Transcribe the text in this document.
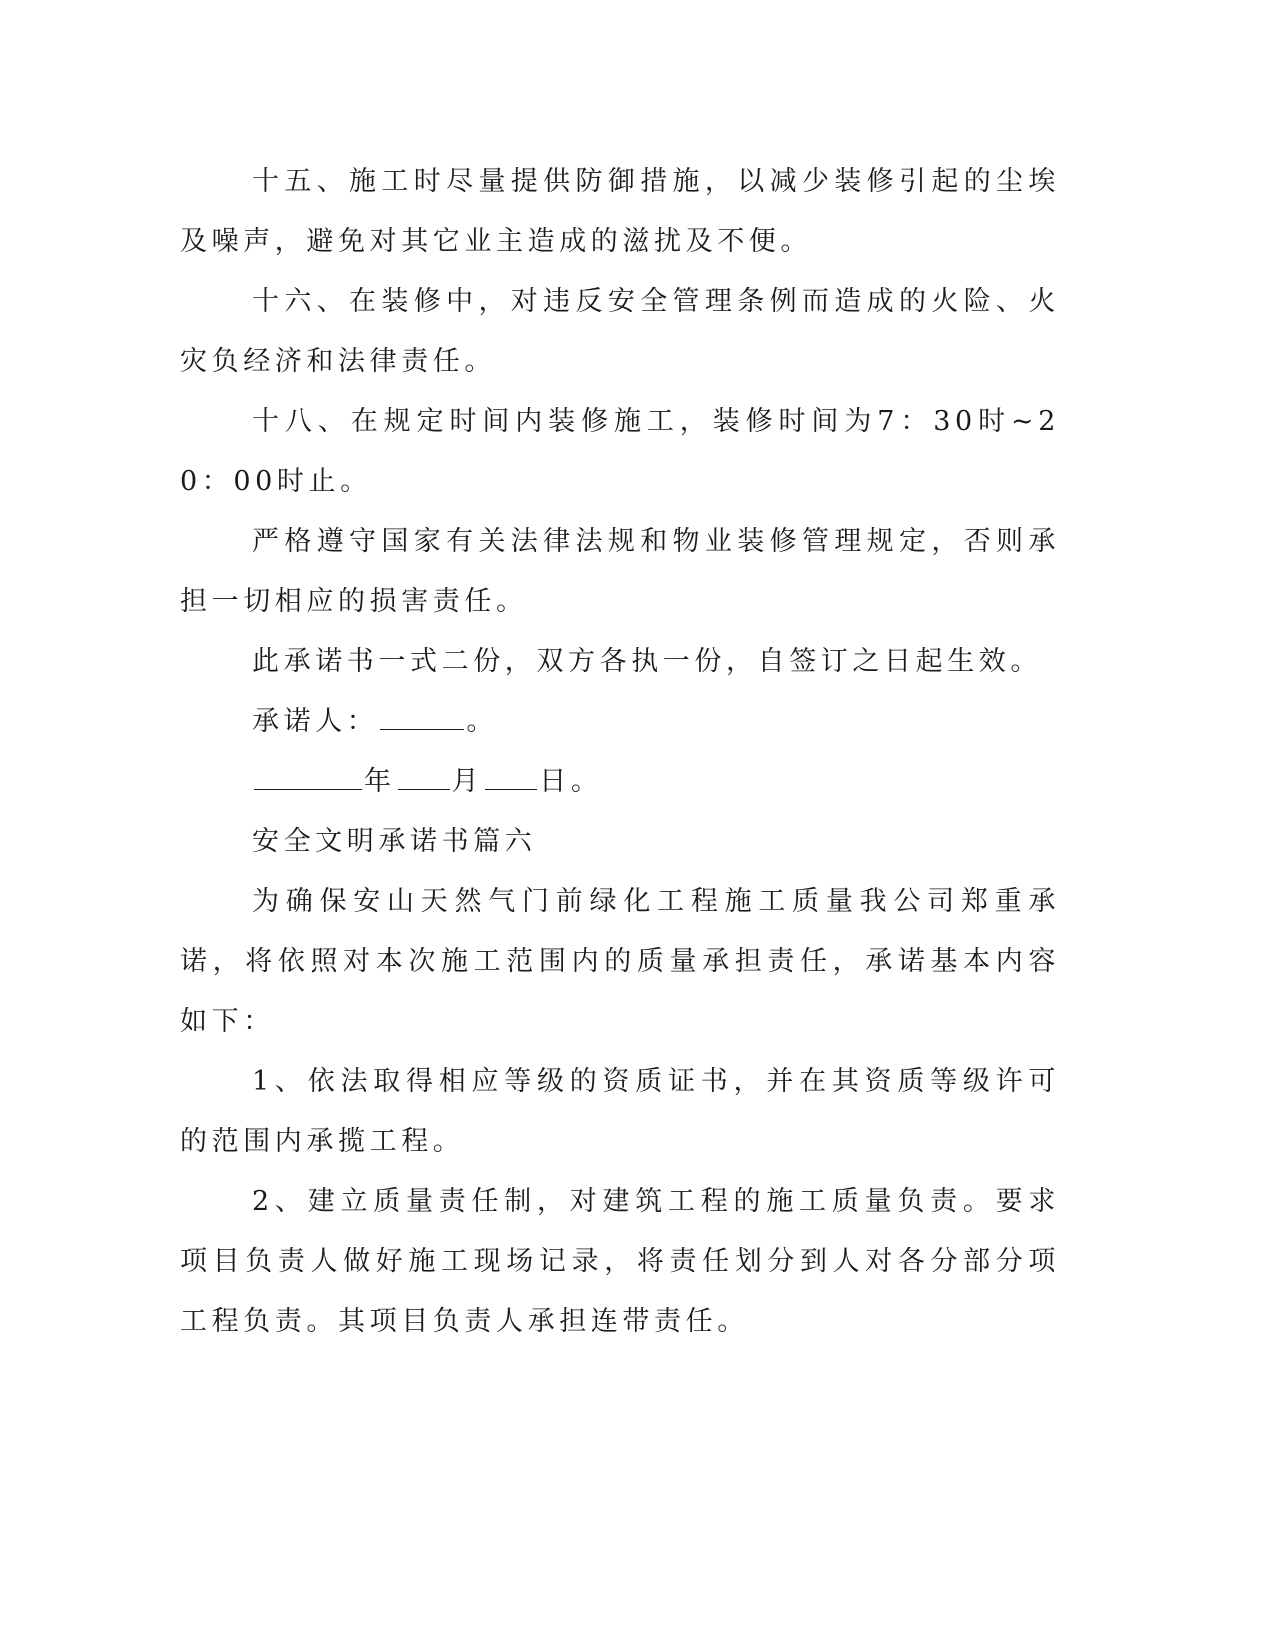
十五、施工时尽量提供防御措施，以减少装修引起的尘埃及噪声，避免对其它业主造成的滋扰及不便。

十六、在装修中，对违反安全管理条例而造成的火险、火灾负经济和法律责任。

十八、在规定时间内装修施工，装修时间为7：30时~20：00时止。

严格遵守国家有关法律法规和物业装修管理规定，否则承担一切相应的损害责任。

此承诺书一式二份，双方各执一份，自签订之日起生效。

承诺人：	。

年 月 日。

安全文明承诺书篇六

为确保安山天然气门前绿化工程施工质量我公司郑重承诺，将依照对本次施工范围内的质量承担责任，承诺基本内容如下：

1、依法取得相应等级的资质证书，并在其资质等级许可的范围内承揽工程。

2、建立质量责任制，对建筑工程的施工质量负责。要求项目负责人做好施工现场记录，将责任划分到人对各分部分项工程负责。其项目负责人承担连带责任。
